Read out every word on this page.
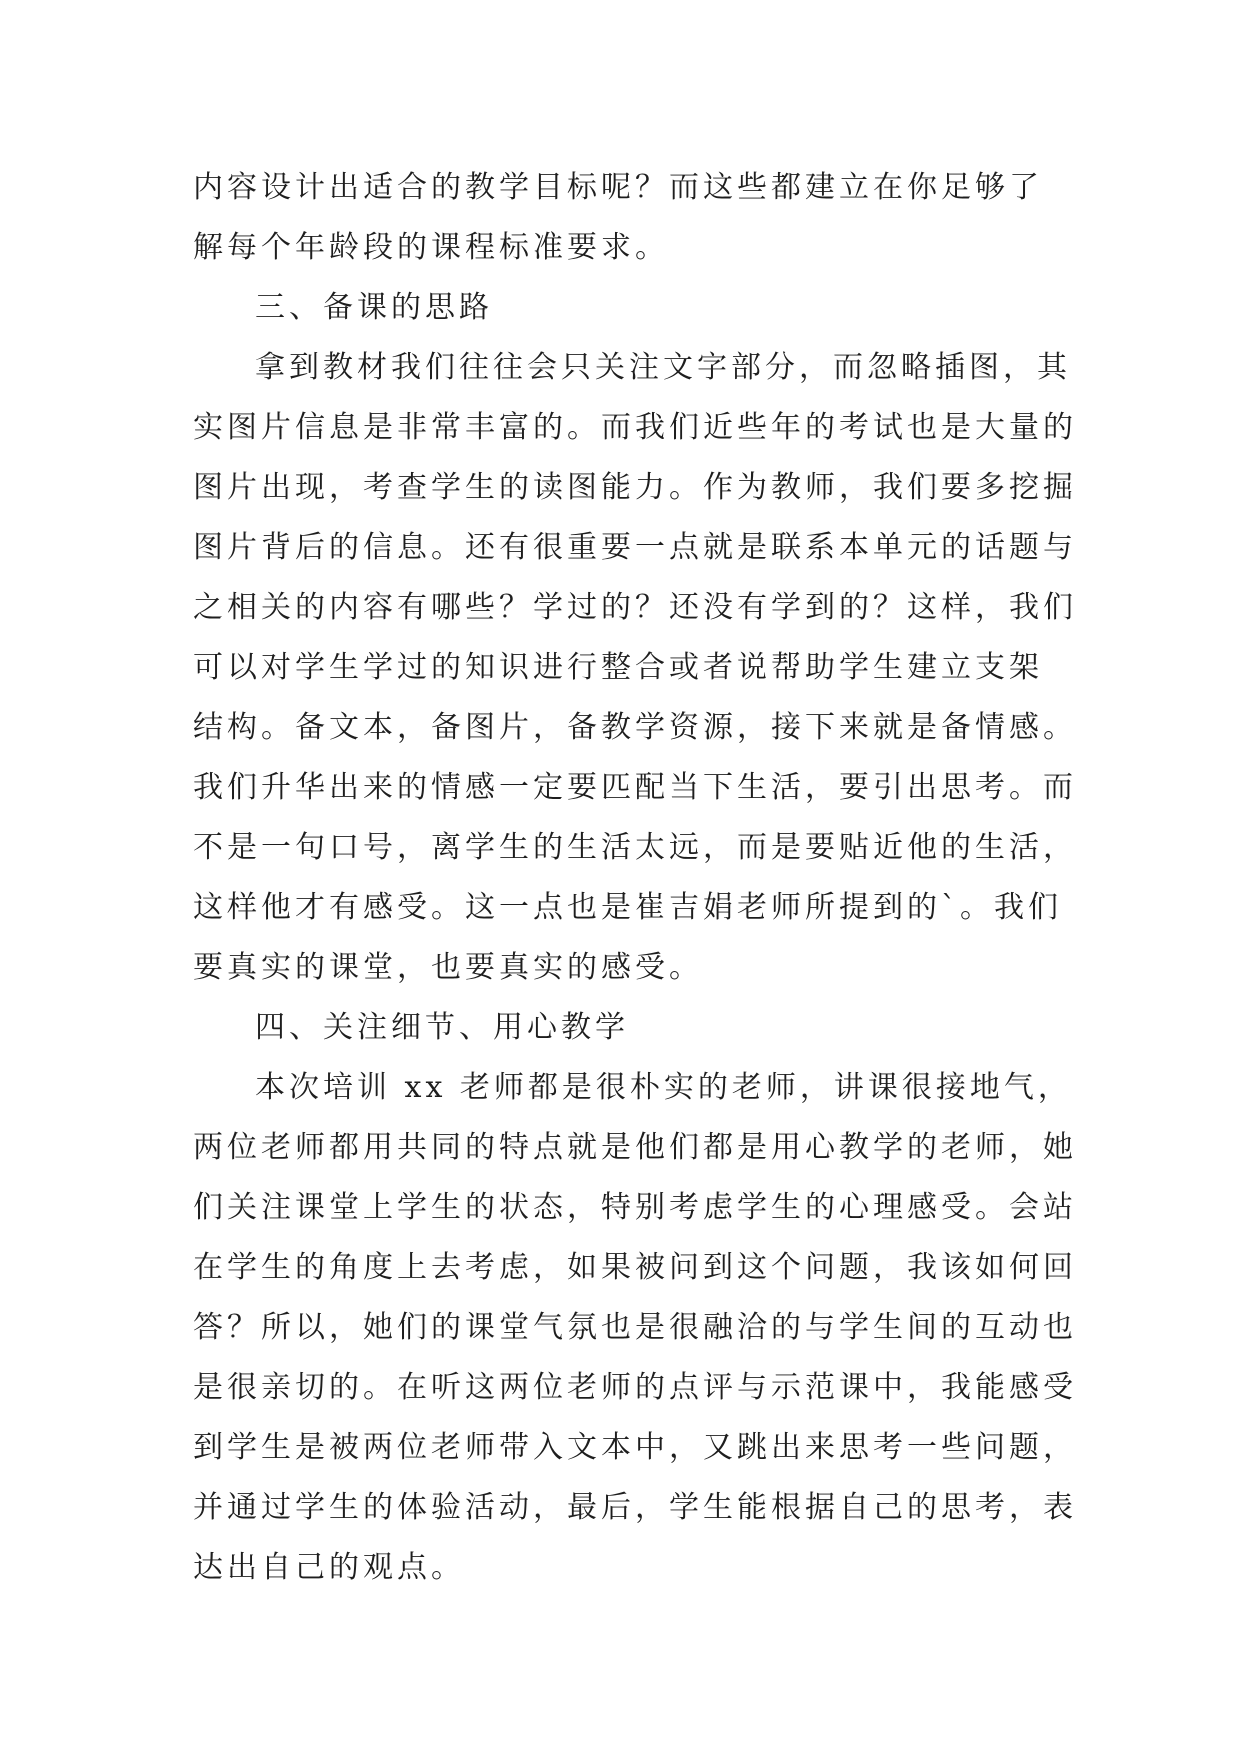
内容设计出适合的教学目标呢？而这些都建立在你足够了
解每个年龄段的课程标准要求。
三、备课的思路
拿到教材我们往往会只关注文字部分，而忽略插图，其
实图片信息是非常丰富的。而我们近些年的考试也是大量的
图片出现，考查学生的读图能力。作为教师，我们要多挖掘
图片背后的信息。还有很重要一点就是联系本单元的话题与
之相关的内容有哪些？学过的？还没有学到的？这样，我们
可以对学生学过的知识进行整合或者说帮助学生建立支架
结构。备文本，备图片，备教学资源，接下来就是备情感。
我们升华出来的情感一定要匹配当下生活，要引出思考。而
不是一句口号，离学生的生活太远，而是要贴近他的生活，
这样他才有感受。这一点也是崔吉娟老师所提到的`。我们
要真实的课堂，也要真实的感受。
四、关注细节、用心教学
本次培训 xx 老师都是很朴实的老师，讲课很接地气，
两位老师都用共同的特点就是他们都是用心教学的老师，她
们关注课堂上学生的状态，特别考虑学生的心理感受。会站
在学生的角度上去考虑，如果被问到这个问题，我该如何回
答？所以，她们的课堂气氛也是很融洽的与学生间的互动也
是很亲切的。在听这两位老师的点评与示范课中，我能感受
到学生是被两位老师带入文本中，又跳出来思考一些问题，
并通过学生的体验活动，最后，学生能根据自己的思考，表
达出自己的观点。
